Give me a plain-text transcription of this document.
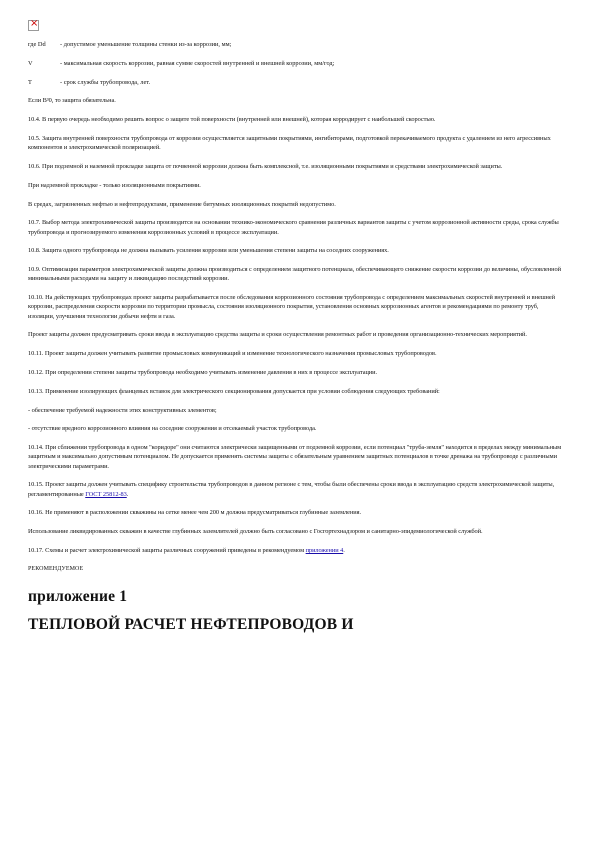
×
где Dd	- допустимое уменьшение толщины стенки из-за коррозии, мм;
V	- максимальная скорость коррозии, равная сумме скоростей внутренней и внешней коррозии, мм/год;
T	- срок службы трубопровода, лет.

Если В³0, то защита обязательна.

10.4. В первую очередь необходимо решить вопрос о защите той поверхности (внутренней или внешней), которая корродирует с наибольшей скоростью.

10.5. Защита внутренней поверхности трубопровода от коррозии осуществляется защитными покрытиями, ингибиторами, подготовкой перекачиваемого продукта с удалением из него агрессивных компонентов и электрохимической поляризацией.

10.6. При подземной и наземной прокладке защита от почвенной коррозии должна быть комплексной, т.е. изоляционными покрытиями и средствами электрохимической защиты.

При надземной прокладке - только изоляционными покрытиями.

В средах, загрязненных нефтью и нефтепродуктами, применение битумных изоляционных покрытий недопустимо.

10.7. Выбор метода электрохимической защиты производится на основании технико-экономического сравнения различных вариантов защиты с учетом коррозионной активности среды, срока службы трубопровода и прогнозируемого изменения коррозионных условий в процессе эксплуатации.

10.8. Защита одного трубопровода не должна вызывать усиления коррозии или уменьшения степени защиты на соседних сооружениях.

10.9. Оптимизация параметров электрохимической защиты должна производиться с определением защитного потенциала, обеспечивающего снижение скорости коррозии до величины, обусловленной минимальными расходами на защиту и ликвидацию последствий коррозии.

10.10. На действующих трубопроводах проект защиты разрабатывается после обследования коррозионного состояния трубопровода с определением максимальных скоростей внутренней и внешней коррозии, распределения скорости коррозии по территории промысла, состояния изоляционного покрытия, установления основных коррозионных агентов и рекомендациями по ремонту труб, изоляции, улучшения технологии добычи нефти и газа.

Проект защиты должен предусматривать сроки ввода в эксплуатацию средства защиты и сроки осуществления ремонтных работ и проведения организационно-технических мероприятий.

10.11. Проект защиты должен учитывать развитие промысловых коммуникаций и изменение технологического назначения промысловых трубопроводов.

10.12. При определении степени защиты трубопровода необходимо учитывать изменение давления в них в процессе эксплуатации.

10.13. Применение изолирующих фланцевых вставок для электрического секционирования допускается при условии соблюдения следующих требований:

- обеспечение требуемой надежности этих конструктивных элементов;

- отсутствие вредного коррозионного влияния на соседние сооружения и отсекаемый участок трубопровода.

10.14. При сближении трубопровода в одном "коридоре" они считаются электрически защищенными от подземной коррозии, если потенциал "труба-земля" находится в пределах между минимальным защитным и максимально допустимым потенциалом. Не допускается применять системы защиты с обязательным уравнением защитных потенциалов в точке дренажа на трубопроводе с различными электрическими параметрами.

10.15. Проект защиты должен учитывать специфику строительства трубопроводов в данном регионе с тем, чтобы были обеспечены сроки ввода в эксплуатацию средств электрохимической защиты, регламентированные ГОСТ 25812-83.

10.16. Не применяют в расположении скважины на сетке менее чем 200 м должна предусматриваться глубинные заземления.

Использование ликвидированных скважин в качестве глубинных заземлителей должно быть согласовано с Госгортехнадзором и санитарно-эпидемиологической службой.

10.17. Схемы и расчет электрохимической защиты различных сооружений приведены в рекомендуемом приложении 4.

РЕКОМЕНДУЕМОЕ

приложение 1
ТЕПЛОВОЙ РАСЧЕТ НЕФТЕПРОВОДОВ И
